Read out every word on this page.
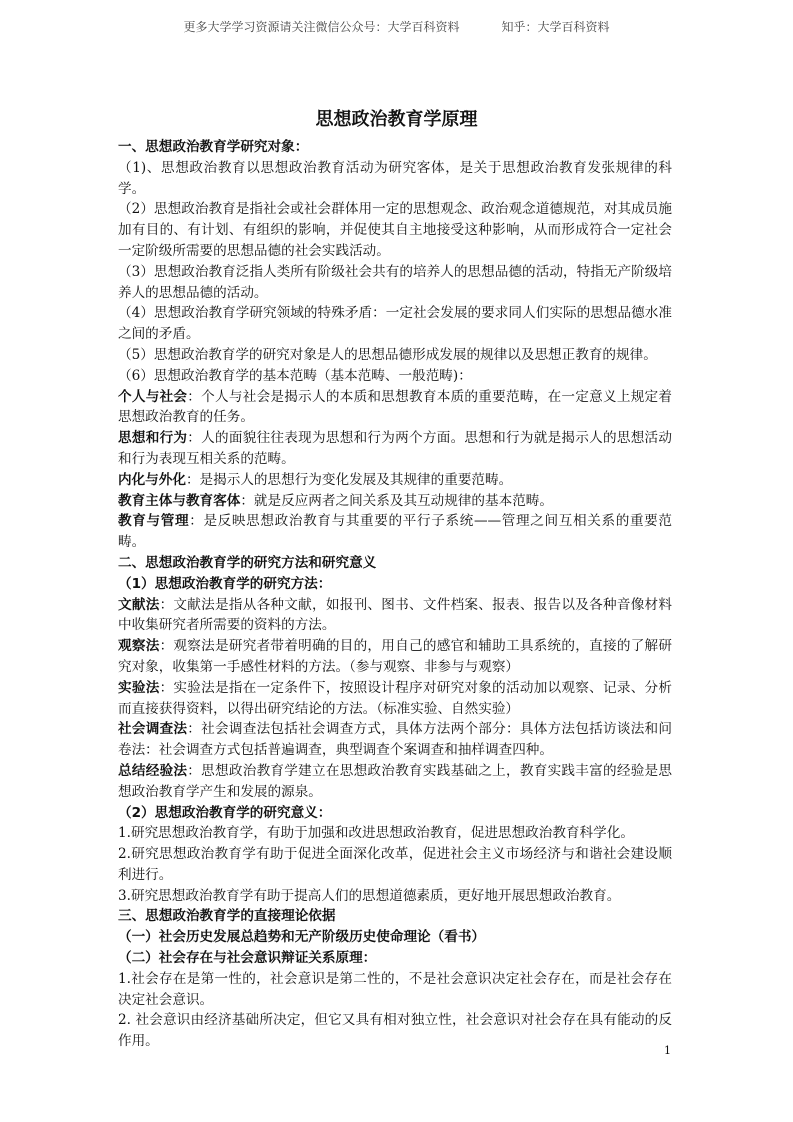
更多大学学习资源请关注微信公众号：大学百科资料	知乎：大学百科资料
思想政治教育学原理

一、思想政治教育学研究对象：

（1)、思想政治教育以思想政治教育活动为研究客体，是关于思想政治教育发张规律的科学。

（2）思想政治教育是指社会或社会群体用一定的思想观念、政治观念道德规范，对其成员施加有目的、有计划、有组织的影响，并促使其自主地接受这种影响，从而形成符合一定社会一定阶级所需要的思想品德的社会实践活动。

（3）思想政治教育泛指人类所有阶级社会共有的培养人的思想品德的活动，特指无产阶级培养人的思想品德的活动。

（4）思想政治教育学研究领域的特殊矛盾：一定社会发展的要求同人们实际的思想品德水准之间的矛盾。

（5）思想政治教育学的研究对象是人的思想品德形成发展的规律以及思想正教育的规律。

（6）思想政治教育学的基本范畴（基本范畴、一般范畴)：

个人与社会：个人与社会是揭示人的本质和思想教育本质的重要范畴，在一定意义上规定着思想政治教育的任务。

思想和行为：人的面貌往往表现为思想和行为两个方面。思想和行为就是揭示人的思想活动和行为表现互相关系的范畴。

内化与外化：是揭示人的思想行为变化发展及其规律的重要范畴。

教育主体与教育客体：就是反应两者之间关系及其互动规律的基本范畴。

教育与管理：是反映思想政治教育与其重要的平行子系统——管理之间互相关系的重要范畴。

二、思想政治教育学的研究方法和研究意义

（1）思想政治教育学的研究方法：

文献法：文献法是指从各种文献，如报刊、图书、文件档案、报表、报告以及各种音像材料中收集研究者所需要的资料的方法。

观察法：观察法是研究者带着明确的目的，用自己的感官和辅助工具系统的，直接的了解研究对象，收集第一手感性材料的方法。（参与观察、非参与与观察）

实验法：实验法是指在一定条件下，按照设计程序对研究对象的活动加以观察、记录、分析而直接获得资料，以得出研究结论的方法。（标准实验、自然实验）

社会调查法：社会调查法包括社会调查方式，具体方法两个部分：具体方法包括访谈法和问卷法：社会调查方式包括普遍调查，典型调查个案调查和抽样调查四种。

总结经验法：思想政治教育学建立在思想政治教育实践基础之上，教育实践丰富的经验是思想政治教育学产生和发展的源泉。

（2）思想政治教育学的研究意义：

1.研究思想政治教育学，有助于加强和改进思想政治教育，促进思想政治教育科学化。

2.研究思想政治教育学有助于促进全面深化改革，促进社会主义市场经济与和谐社会建设顺利进行。

3.研究思想政治教育学有助于提高人们的思想道德素质，更好地开展思想政治教育。

三、思想政治教育学的直接理论依据

（一）社会历史发展总趋势和无产阶级历史使命理论（看书）

（二）社会存在与社会意识辩证关系原理：

1.社会存在是第一性的，社会意识是第二性的，不是社会意识决定社会存在，而是社会存在决定社会意识。

2. 社会意识由经济基础所决定，但它又具有相对独立性，社会意识对社会存在具有能动的反作用。

1
